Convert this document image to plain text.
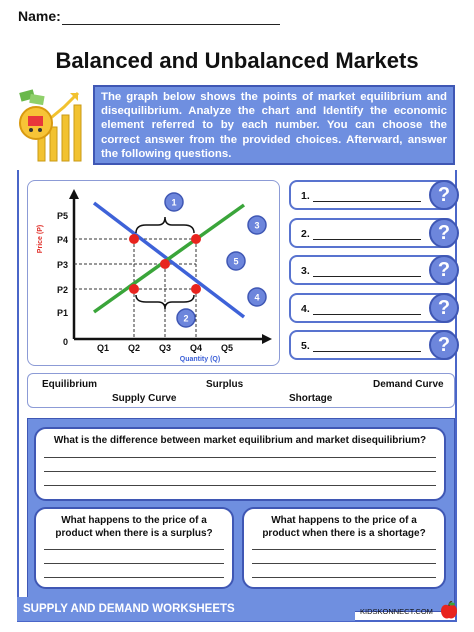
Name:
Balanced and Unbalanced Markets
The graph below shows the points of market equilibrium and disequilibrium. Analyze the chart and Identify the economic element referred to by each number. You can choose the correct answer from the provided choices. Afterward, answer the following questions.
P5
P4
P3
P2
P1
0
Q1 Q2 Q3 Q4 Q5
Quantity (Q)
Price (P)
1
2
3
4
5
1.	?
2.	?
3.	?
4.	?
5.	?
Equilibrium	Surplus	Demand Curve
Supply Curve	Shortage
What is the difference between market equilibrium and market disequilibrium?
What happens to the price of a product when there is a surplus?
What happens to the price of a product when there is a shortage?
SUPPLY AND DEMAND WORKSHEETS	KIDSKONNECT.COM
